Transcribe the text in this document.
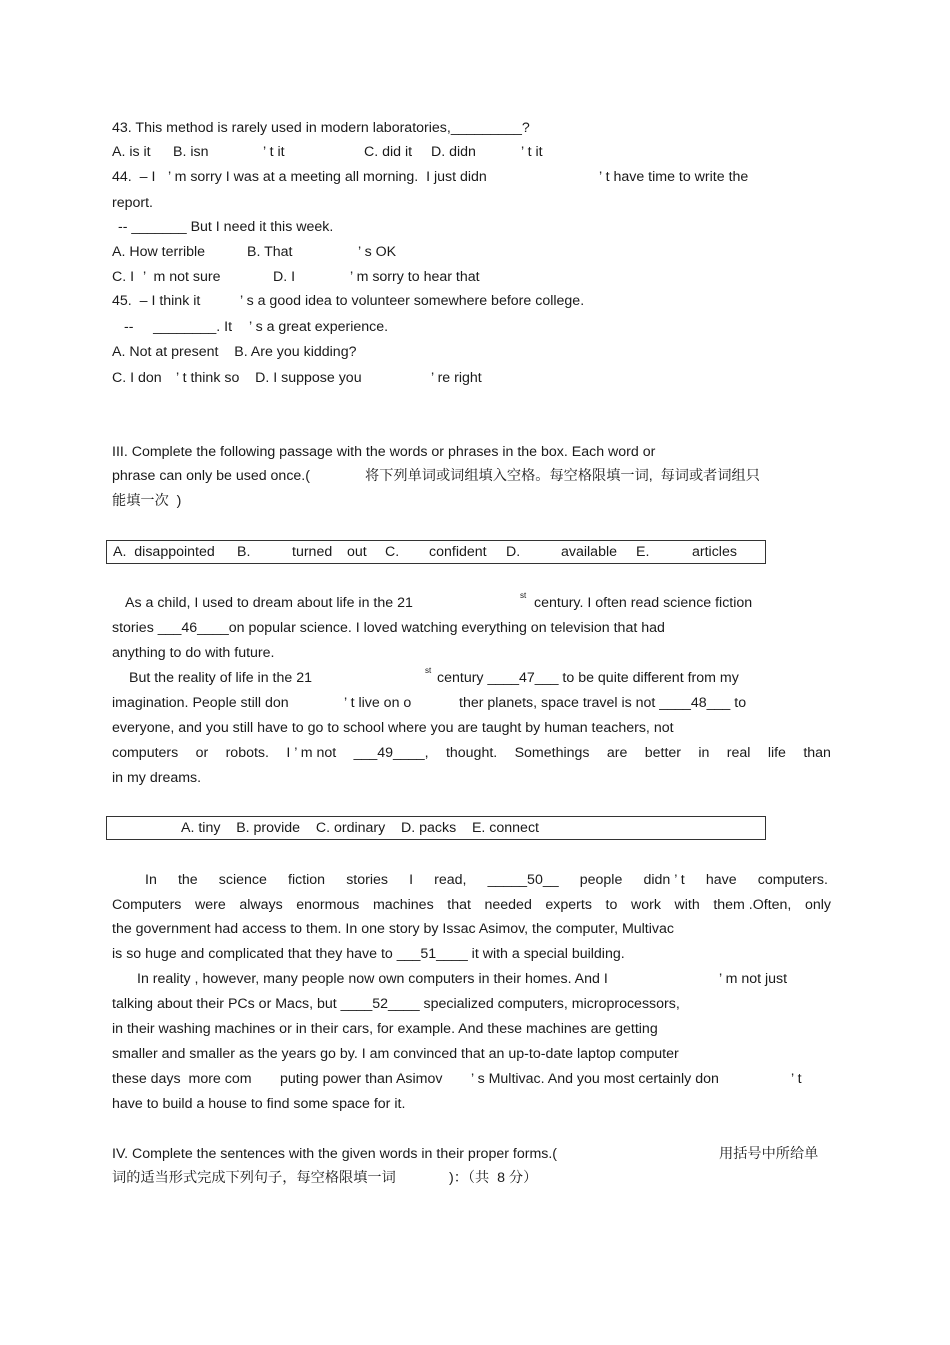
43. This method is rarely used in modern laboratories,_________?
A. is it B. isn	’ t it	C. did it D. didn	’ t it
44.  – I ’ m sorry I was at a meeting all morning.  I just didn	’ t have time to write the
report.
-- _______ But I need it this week.
A. How terrible	B. That	’ s OK
C. I ’  m not sure	D. I	’ m sorry to hear that
45.  – I think it	’ s a good idea to volunteer somewhere before college.
--     ________. It ’ s a great experience.
A. Not at present    B. Are you kidding?
C. I don ’ t think so    D. I suppose you	’ re right
III. Complete the following passage with the words or phrases in the box. Each word or
phrase can only be used once.(	将下列单词或词组填入空格。每空格限填一词,  每词或者词组只
能填一次  )
A.  disappointed B.	turned out C. confident D.	available E.	articles
As a child, I used to dream about life in the 21	st century. I often read science fiction
stories ___46____on popular science. I loved watching everything on television that had
anything to do with future.
But the reality of life in the 21	st century ____47___ to be quite different from my
imagination. People still don	’ t live on o	ther planets, space travel is not ____48___ to
everyone, and you still have to go to school where you are taught by human teachers, not
computers or robots. I ’ m not ___49____, thought. Somethings are better in real life than
in my dreams.
A. tiny    B. provide    C. ordinary    D. packs    E. connect
In the science fiction stories I read, _____50__ people didn ’ t have computers.
Computers were always enormous machines that needed experts to work with them .Often, only
the government had access to them. In one story by Issac Asimov, the computer, Multivac
is so huge and complicated that they have to ___51____ it with a special building.
In reality , however, many people now own computers in their homes. And I	’ m not just
talking about their PCs or Macs, but ____52____ specialized computers, microprocessors,
in their washing machines or in their cars, for example. And these machines are getting
smaller and smaller as the years go by. I am convinced that an up-to-date laptop computer
these days  more com puting power than Asimov ’ s Multivac. And you most certainly don	’ t
have to build a house to find some space for it.
IV. Complete the sentences with the given words in their proper forms.(	用括号中所给单
词的适当形式完成下列句子，每空格限填一词	)：（共  8 分）
